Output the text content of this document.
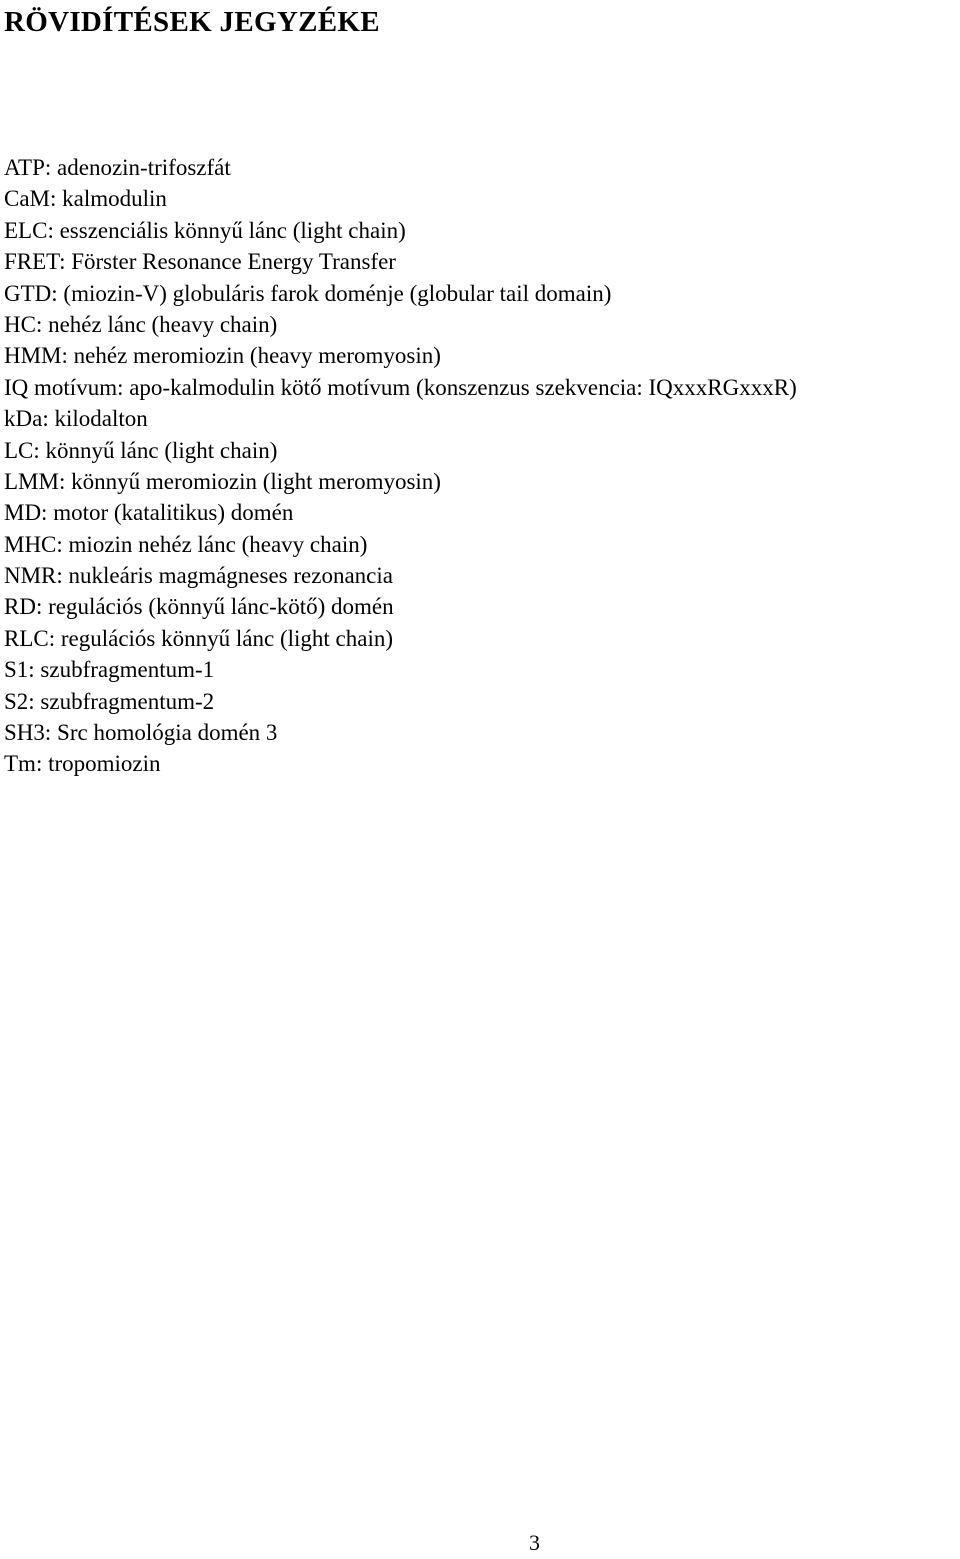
RÖVIDÍTÉSEK JEGYZÉKE
ATP: adenozin-trifoszfát
CaM: kalmodulin
ELC: esszenciális könnyű lánc (light chain)
FRET: Förster Resonance Energy Transfer
GTD: (miozin-V) globuláris farok doménje (globular tail domain)
HC: nehéz lánc (heavy chain)
HMM: nehéz meromiozin (heavy meromyosin)
IQ motívum: apo-kalmodulin kötő motívum (konszenzus szekvencia: IQxxxRGxxxR)
kDa: kilodalton
LC: könnyű lánc (light chain)
LMM: könnyű meromiozin (light meromyosin)
MD: motor (katalitikus) domén
MHC: miozin nehéz lánc (heavy chain)
NMR: nukleáris magmágneses rezonancia
RD: regulációs (könnyű lánc-kötő) domén
RLC: regulációs könnyű lánc (light chain)
S1: szubfragmentum-1
S2: szubfragmentum-2
SH3: Src homológia domén 3
Tm: tropomiozin
3
